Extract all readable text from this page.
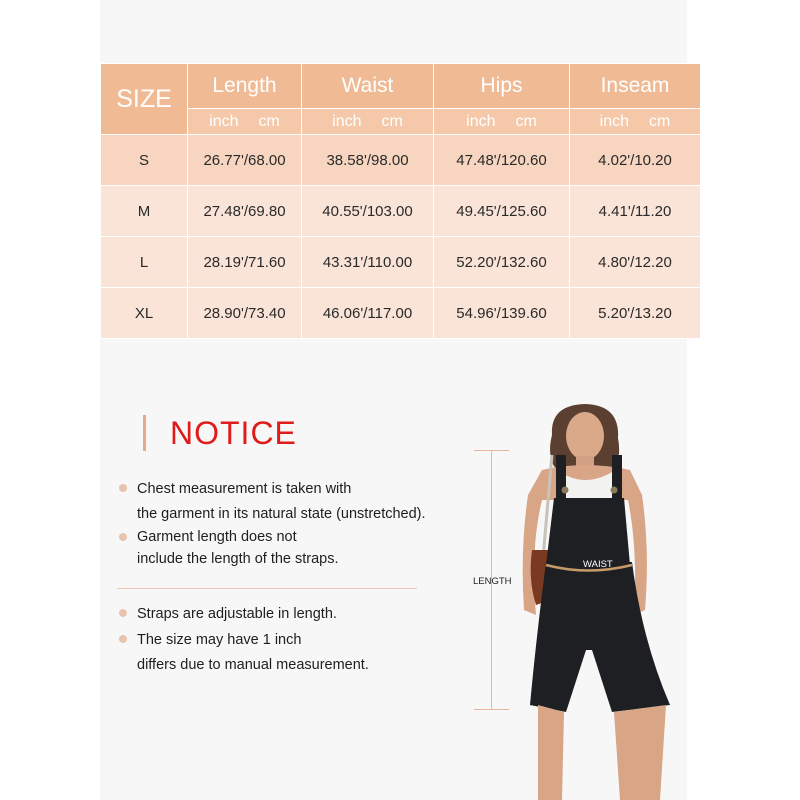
SIZE	Length	Waist	Hips	Inseam
	inch cm	inch cm	inch cm	inch cm
S	26.77'/68.00	38.58'/98.00	47.48'/120.60	4.02'/10.20
M	27.48'/69.80	40.55'/103.00	49.45'/125.60	4.41'/11.20
L	28.19'/71.60	43.31'/110.00	52.20'/132.60	4.80'/12.20
XL	28.90'/73.40	46.06'/117.00	54.96'/139.60	5.20'/13.20
NOTICE
Chest measurement is taken with
the garment in its natural state (unstretched).
Garment length does not
include the length of the straps.
Straps are adjustable in length.
The size may have 1 inch
differs due to manual measurement.
LENGTH
WAIST
